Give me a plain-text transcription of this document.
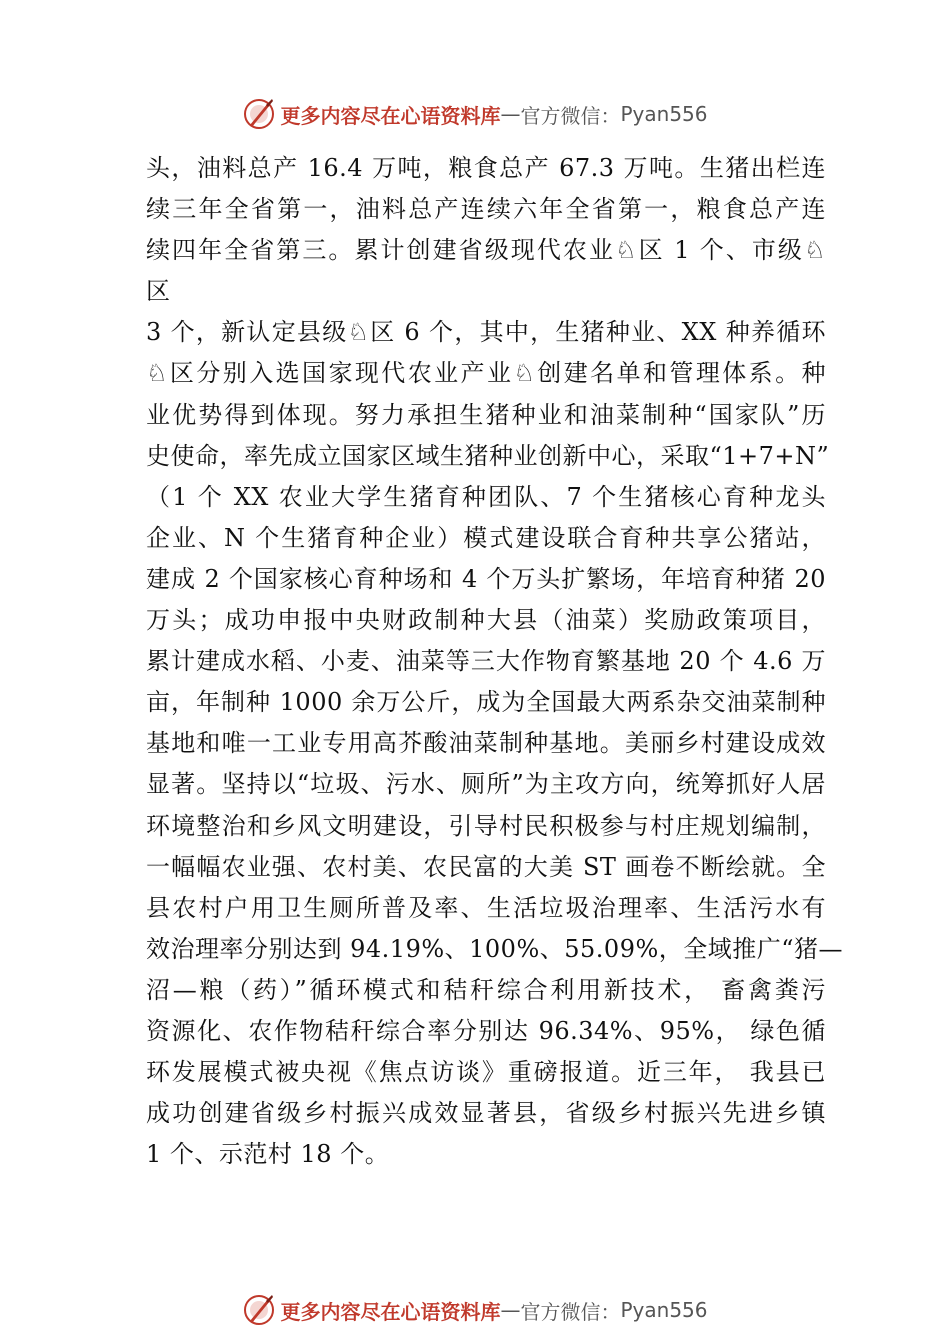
更多内容尽在心语资料库 — 官方微信： Pyan556
头，油料总产 16.4 万吨，粮食总产 67.3 万吨。生猪出栏连
续三年全省第一，油料总产连续六年全省第一，粮食总产连
续四年全省第三。累计创建省级现代农业♘区 1 个、市级♘
区
3 个，新认定县级♘区 6 个，其中，生猪种业、XX 种养循环
♘区分别入选国家现代农业产业♘创建名单和管理体系。种
业优势得到体现。努力承担生猪种业和油菜制种“国家队”历
史使命，率先成立国家区域生猪种业创新中心，采取“1+7+N”
（1 个 XX 农业大学生猪育种团队、7 个生猪核心育种龙头
企业、N 个生猪育种企业）模式建设联合育种共享公猪站，
建成 2 个国家核心育种场和 4 个万头扩繁场，年培育种猪 20
万头；成功申报中央财政制种大县（油菜）奖励政策项目，
累计建成水稻、小麦、油菜等三大作物育繁基地 20 个 4.6 万
亩，年制种 1000 余万公斤，成为全国最大两系杂交油菜制种
基地和唯一工业专用高芥酸油菜制种基地。美丽乡村建设成效
显著。坚持以“垃圾、污水、厕所”为主攻方向，统筹抓好人居
环境整治和乡风文明建设，引导村民积极参与村庄规划编制，
一幅幅农业强、农村美、农民富的大美 ST 画卷不断绘就。全
县农村户用卫生厕所普及率、生活垃圾治理率、生活污水有
效治理率分别达到 94.19%、100%、55.09%，全域推广“猪—
沼—粮（药）”循环模式和秸秆综合利用新技术， 畜禽粪污
资源化、农作物秸秆综合率分别达 96.34%、95%， 绿色循
环发展模式被央视《焦点访谈》重磅报道。近三年， 我县已
成功创建省级乡村振兴成效显著县，省级乡村振兴先进乡镇
1 个、示范村 18 个。
更多内容尽在心语资料库 — 官方微信： Pyan556
